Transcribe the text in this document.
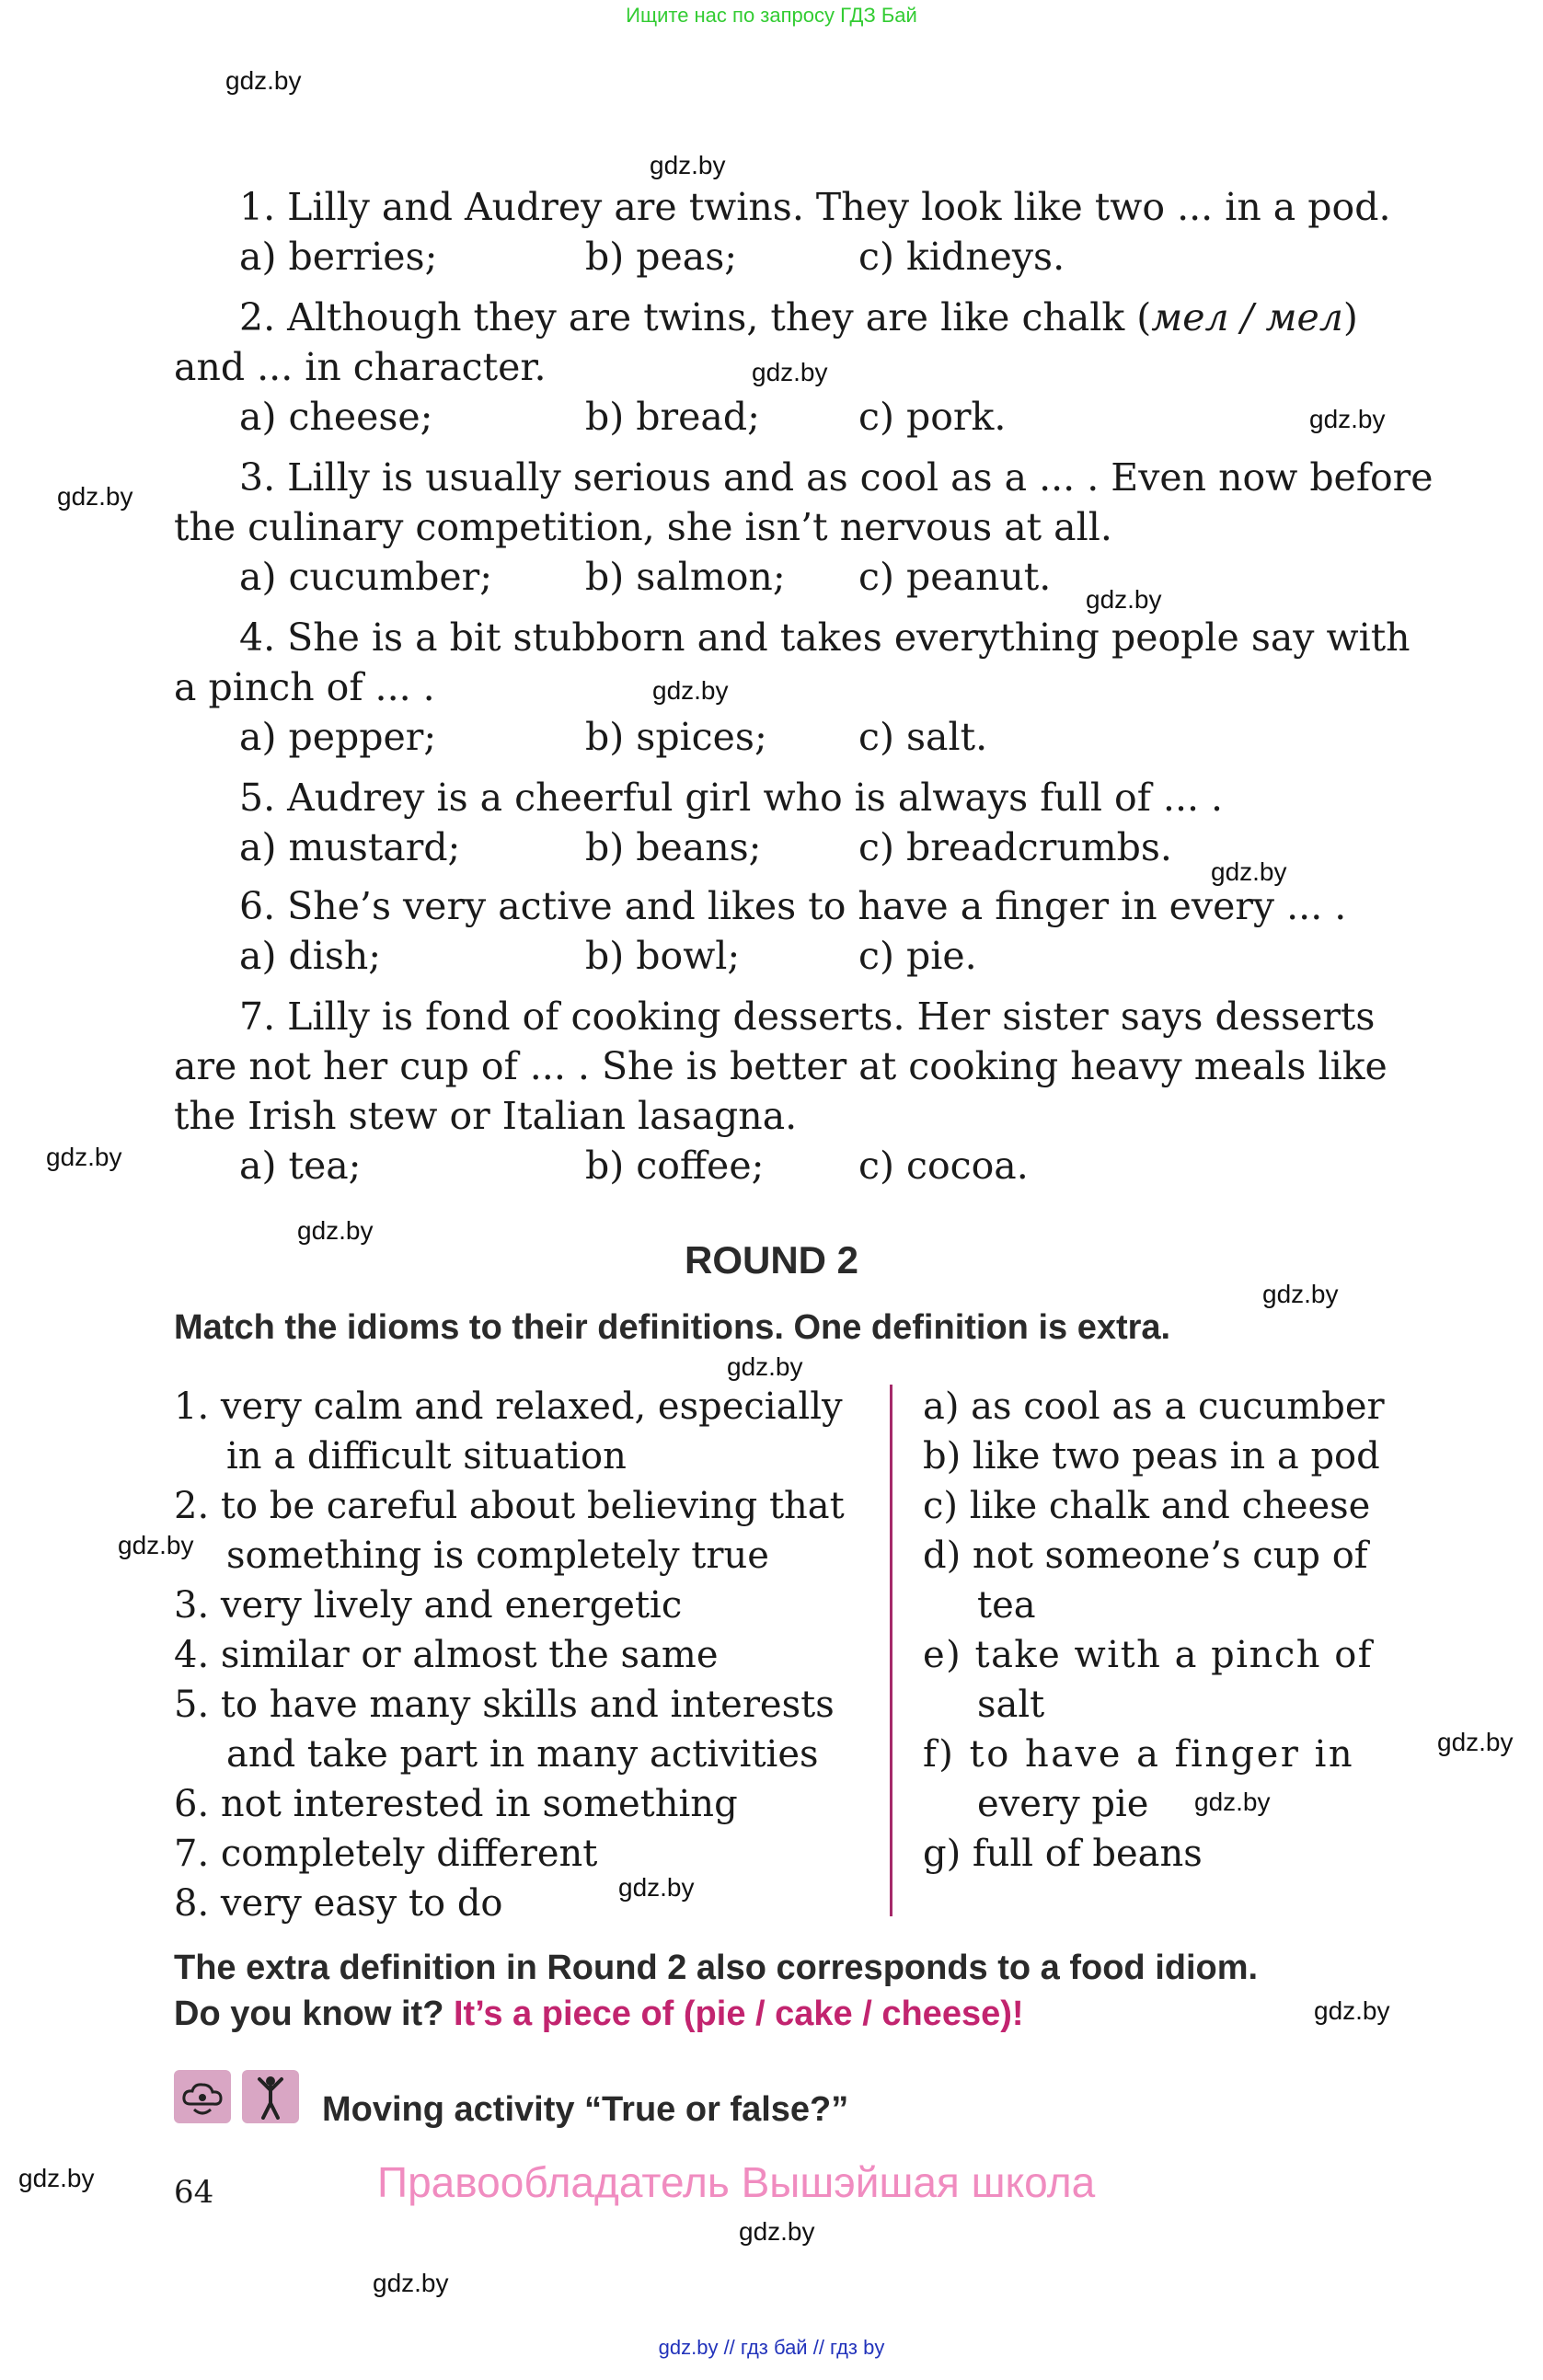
Ищите нас по запросу ГДЗ Бай
gdz.by
gdz.by
gdz.by
gdz.by
gdz.by
gdz.by
gdz.by
gdz.by
gdz.by
gdz.by
gdz.by
gdz.by
gdz.by
gdz.by
gdz.by
gdz.by
gdz.by
gdz.by
gdz.by
gdz.by
1. Lilly and Audrey are twins. They look like two ... in a pod.
a) berries;	b) peas;	c) kidneys.
2. Although they are twins, they are like chalk (мел / мел)
and ... in character.
a) cheese;	b) bread;	c) pork.
3. Lilly is usually serious and as cool as a ... . Even now before
the culinary competition, she isn’t nervous at all.
a) cucumber; b) salmon; c) peanut.
4. She is a bit stubborn and takes everything people say with
a pinch of ... .
a) pepper;	b) spices; c) salt.
5. Audrey is a cheerful girl who is always full of ... .
a) mustard;	b) beans;	c) breadcrumbs.
6. She’s very active and likes to have a finger in every ... .
a) dish;	b) bowl;	c) pie.
7. Lilly is fond of cooking desserts. Her sister says desserts
are not her cup of ... . She is better at cooking heavy meals like
the Irish stew or Italian lasagna.
a) tea;	b) coffee;	c) cocoa.
ROUND 2
Match the idioms to their definitions. One definition is extra.
1. very calm and relaxed, especially
in a difficult situation
2. to be careful about believing that
something is completely true
3. very lively and energetic
4. similar or almost the same
5. to have many skills and interests
and take part in many activities
6. not interested in something
7. completely different
8. very easy to do
a) as cool as a cucumber
b) like two peas in a pod
c) like chalk and cheese
d) not someone’s cup of
tea
e) take with a pinch of
salt
f) to have a finger in
every pie
g) full of beans
The extra definition in Round 2 also corresponds to a food idiom.
Do you know it? It’s a piece of (pie / cake / cheese)!
Moving activity “True or false?”
64	Правообладатель Вышэйшая школа
gdz.by // гдз бай // гдз by
